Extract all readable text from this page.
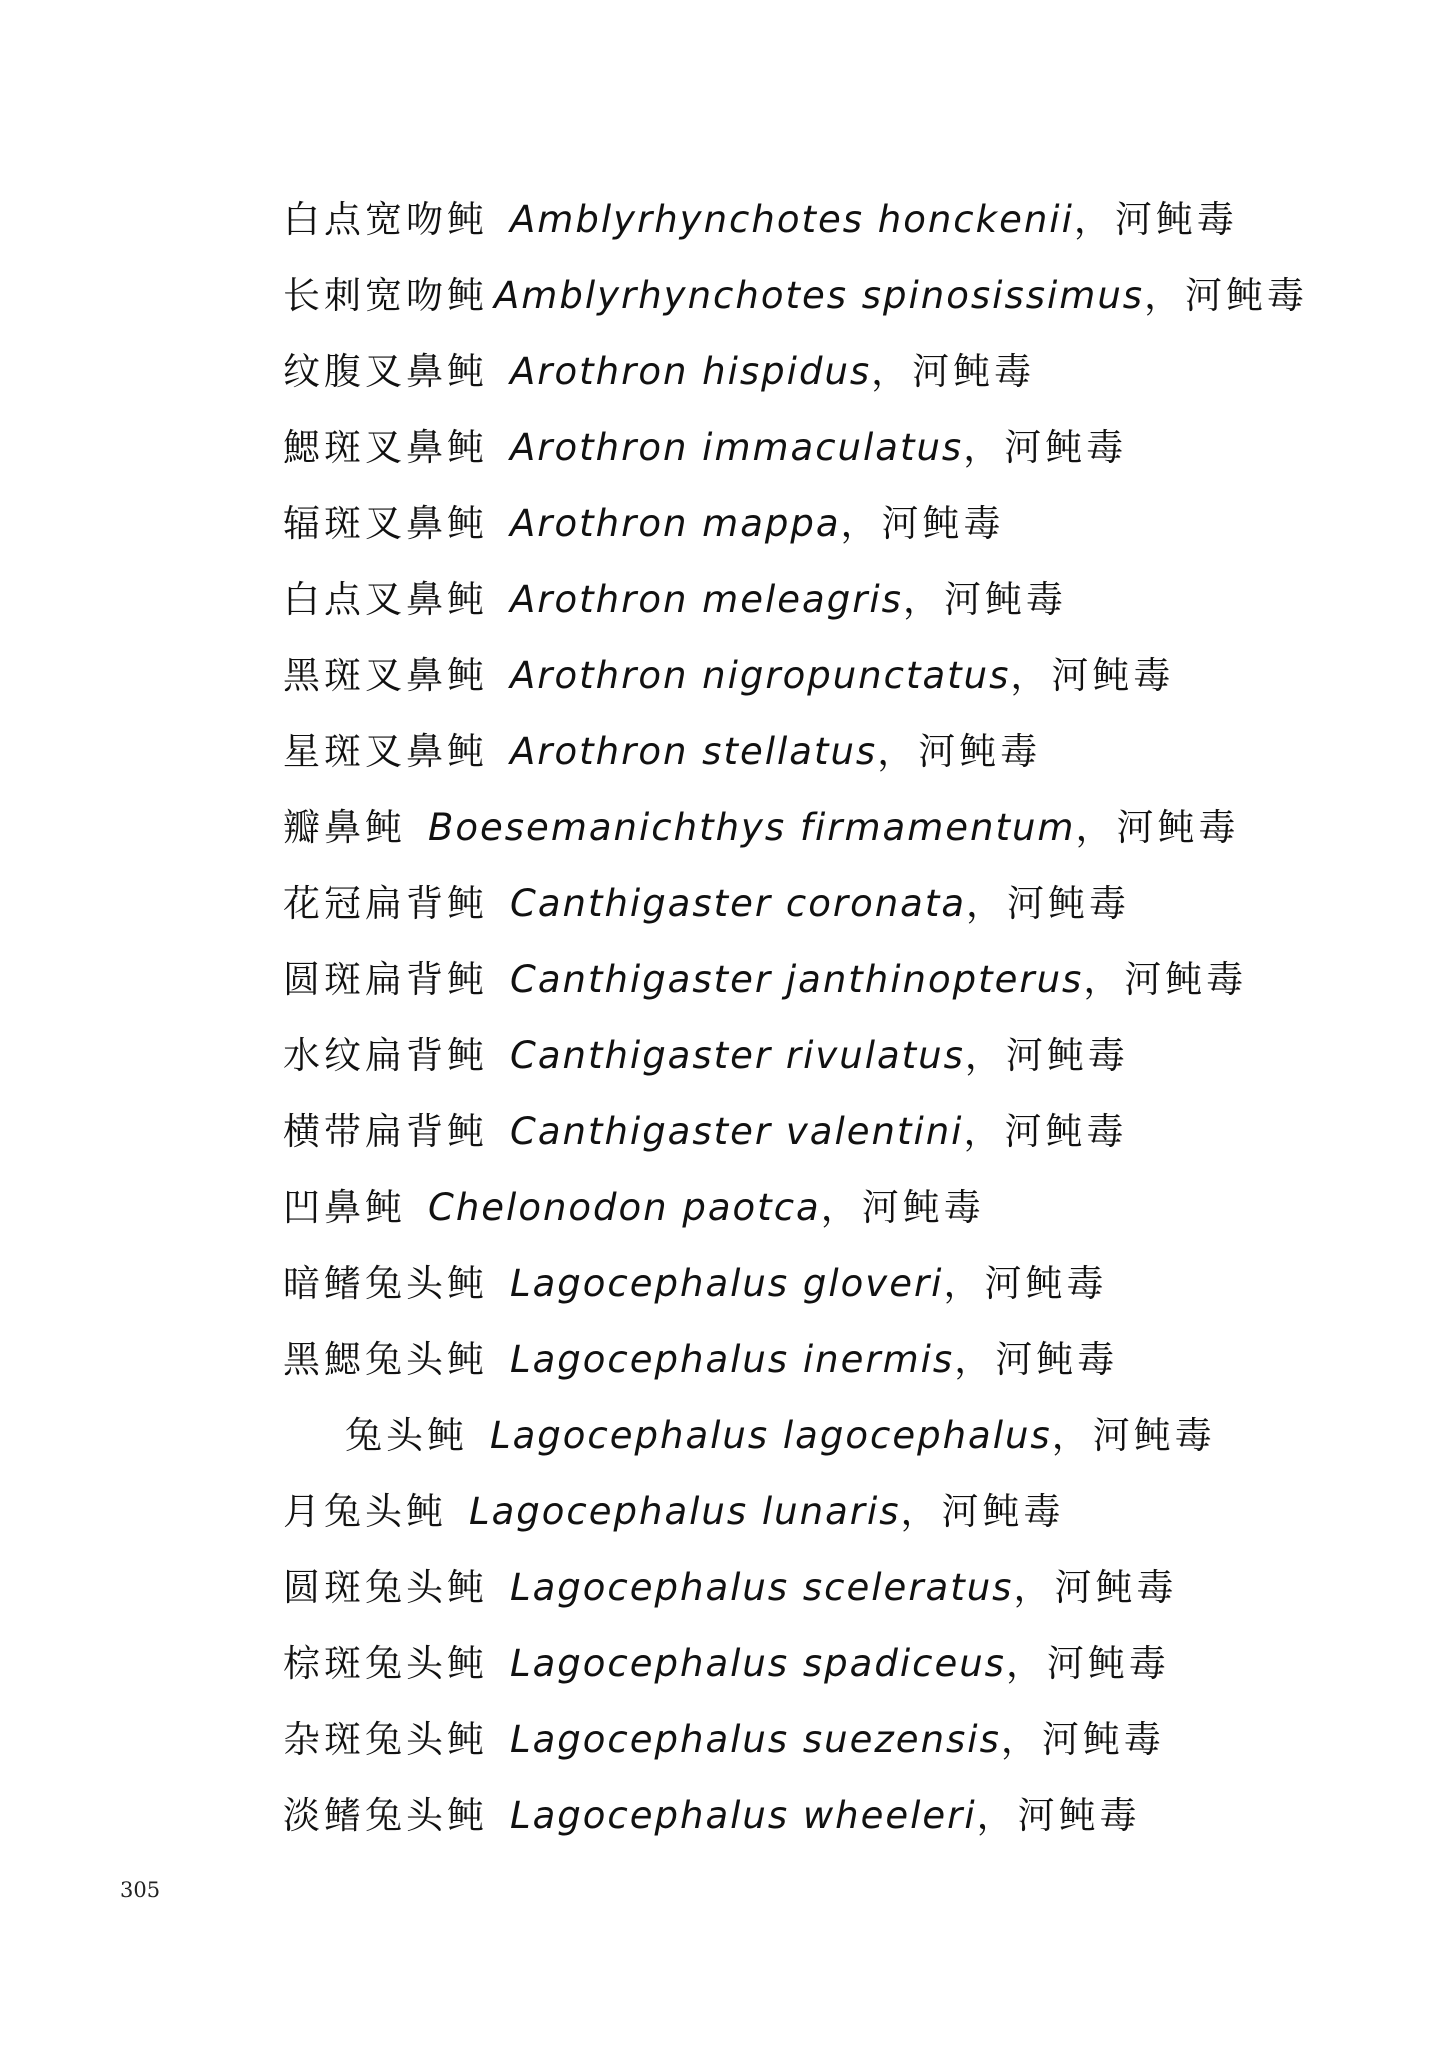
白点宽吻鲀 Amblyrhynchotes honckenii，河鲀毒
长刺宽吻鲀 Amblyrhynchotes spinosissimus，河鲀毒
纹腹叉鼻鲀 Arothron hispidus，河鲀毒
鰓斑叉鼻鲀 Arothron immaculatus，河鲀毒
辐斑叉鼻鲀 Arothron mappa，河鲀毒
白点叉鼻鲀 Arothron meleagris，河鲀毒
黑斑叉鼻鲀 Arothron nigropunctatus，河鲀毒
星斑叉鼻鲀 Arothron stellatus，河鲀毒
瓣鼻鲀 Boesemanichthys firmamentum，河鲀毒
花冠扁背鲀 Canthigaster coronata，河鲀毒
圆斑扁背鲀 Canthigaster janthinopterus，河鲀毒
水纹扁背鲀 Canthigaster rivulatus，河鲀毒
横带扁背鲀 Canthigaster valentini，河鲀毒
凹鼻鲀 Chelonodon paotca，河鲀毒
暗鳍兔头鲀 Lagocephalus gloveri，河鲀毒
黑鰓兔头鲀 Lagocephalus inermis，河鲀毒
兔头鲀 Lagocephalus lagocephalus，河鲀毒
月兔头鲀 Lagocephalus lunaris，河鲀毒
圆斑兔头鲀 Lagocephalus sceleratus，河鲀毒
棕斑兔头鲀 Lagocephalus spadiceus，河鲀毒
杂斑兔头鲀 Lagocephalus suezensis，河鲀毒
淡鳍兔头鲀 Lagocephalus wheeleri，河鲀毒
305
